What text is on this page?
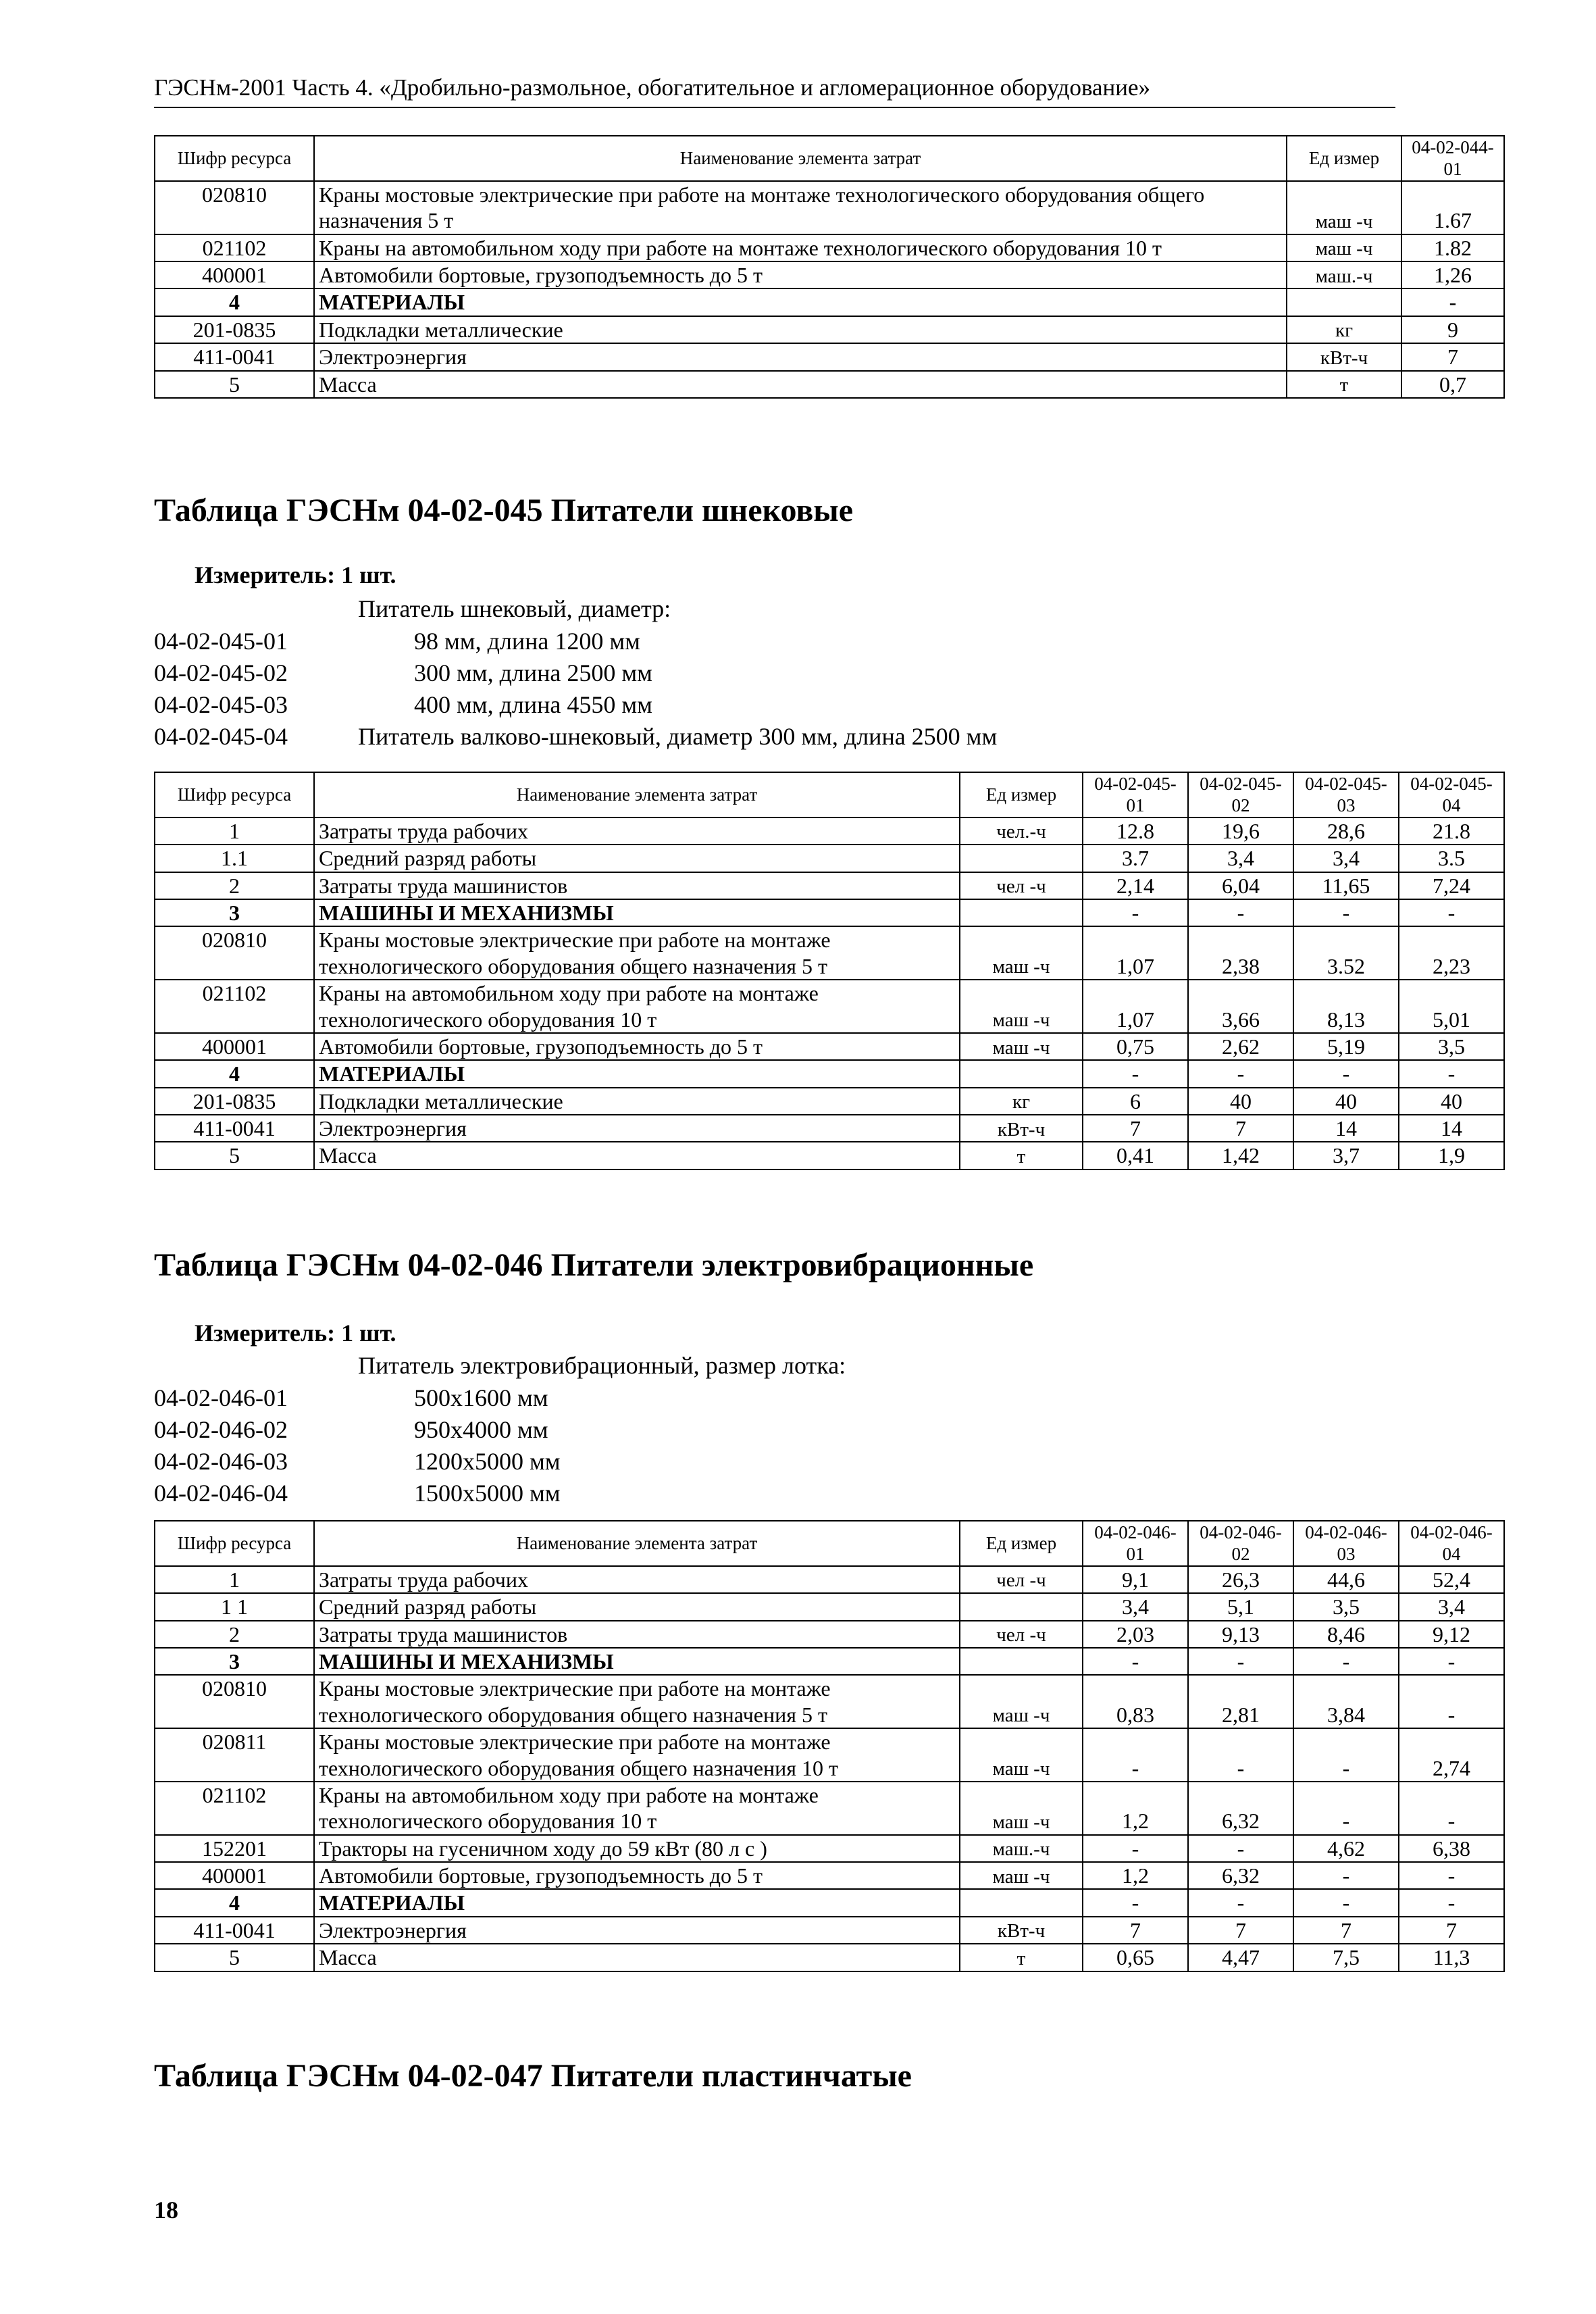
ГЭСНм-2001 Часть 4. «Дробильно-размольное, обогатительное и агломерационное оборудование»
Шифр ресурса	Наименование элемента затрат	Ед измер	04-02-044-01
020810	Краны мостовые электрические при работе на монтаже технологического оборудования общего назначения 5 т	маш -ч	1.67
021102	Краны на автомобильном ходу при работе на монтаже технологического оборудования 10 т	маш -ч	1.82
400001	Автомобили бортовые, грузоподъемность до 5 т	маш.-ч	1,26
4	МАТЕРИАЛЫ		-
201-0835	Подкладки металлические	кг	9
411-0041	Электроэнергия	кВт-ч	7
5	Масса	т	0,7
Таблица ГЭСНм 04-02-045 Питатели шнековые
Измеритель: 1 шт.
Питатель шнековый, диаметр:
04-02-045-01	98 мм, длина 1200 мм
04-02-045-02	300 мм, длина 2500 мм
04-02-045-03	400 мм, длина 4550 мм
04-02-045-04	Питатель валково-шнековый, диаметр 300 мм, длина 2500 мм
Шифр ресурса	Наименование элемента затрат	Ед измер	04-02-045-01	04-02-045-02	04-02-045-03	04-02-045-04
1	Затраты труда рабочих	чел.-ч	12.8	19,6	28,6	21.8
1.1	Средний разряд работы		3.7	3,4	3,4	3.5
2	Затраты труда машинистов	чел -ч	2,14	6,04	11,65	7,24
3	МАШИНЫ И МЕХАНИЗМЫ		-	-	-	-
020810	Краны мостовые электрические при работе на монтаже технологического оборудования общего назначения 5 т	маш -ч	1,07	2,38	3.52	2,23
021102	Краны на автомобильном ходу при работе на монтаже технологического оборудования 10 т	маш -ч	1,07	3,66	8,13	5,01
400001	Автомобили бортовые, грузоподъемность до 5 т	маш -ч	0,75	2,62	5,19	3,5
4	МАТЕРИАЛЫ		-	-	-	-
201-0835	Подкладки металлические	кг	6	40	40	40
411-0041	Электроэнергия	кВт-ч	7	7	14	14
5	Масса	т	0,41	1,42	3,7	1,9
Таблица ГЭСНм 04-02-046 Питатели электровибрационные
Измеритель: 1 шт.
Питатель электровибрационный, размер лотка:
04-02-046-01	500х1600 мм
04-02-046-02	950х4000 мм
04-02-046-03	1200х5000 мм
04-02-046-04	1500х5000 мм
Шифр ресурса	Наименование элемента затрат	Ед измер	04-02-046-01	04-02-046-02	04-02-046-03	04-02-046-04
1	Затраты труда рабочих	чел -ч	9,1	26,3	44,6	52,4
1 1	Средний разряд работы		3,4	5,1	3,5	3,4
2	Затраты труда машинистов	чел -ч	2,03	9,13	8,46	9,12
3	МАШИНЫ И МЕХАНИЗМЫ		-	-	-	-
020810	Краны мостовые электрические при работе на монтаже технологического оборудования общего назначения 5 т	маш -ч	0,83	2,81	3,84	-
020811	Краны мостовые электрические при работе на монтаже технологического оборудования общего назначения 10 т	маш -ч	-	-	-	2,74
021102	Краны на автомобильном ходу при работе на монтаже технологического оборудования 10 т	маш -ч	1,2	6,32	-	-
152201	Тракторы на гусеничном ходу до 59 кВт (80 л с )	маш.-ч	-	-	4,62	6,38
400001	Автомобили бортовые, грузоподъемность до 5 т	маш -ч	1,2	6,32	-	-
4	МАТЕРИАЛЫ		-	-	-	-
411-0041	Электроэнергия	кВт-ч	7	7	7	7
5	Масса	т	0,65	4,47	7,5	11,3
Таблица ГЭСНм 04-02-047 Питатели пластинчатые
18
